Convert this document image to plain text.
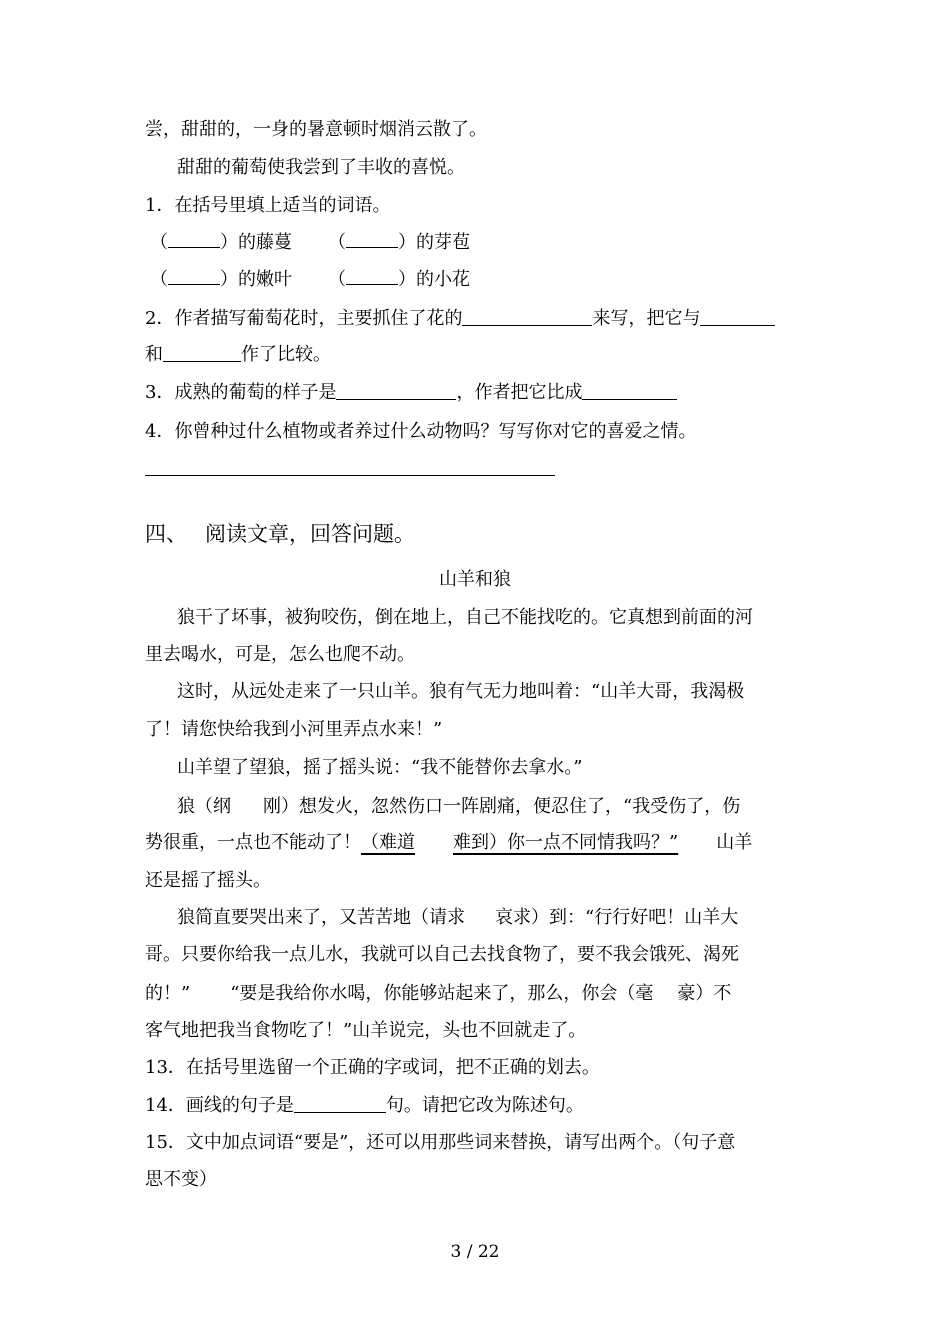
尝，甜甜的，一身的暑意顿时烟消云散了。
甜甜的葡萄使我尝到了丰收的喜悦。
1．在括号里填上适当的词语。
（	）的藤蔓 （	）的芽苞
（	）的嫩叶 （	）的小花
2．作者描写葡萄花时，主要抓住了花的	来写，把它与
和	作了比较。
3．成熟的葡萄的样子是	，作者把它比成
4．你曾种过什么植物或者养过什么动物吗？写写你对它的喜爱之情。
四、 阅读文章，回答问题。
山羊和狼
狼干了坏事，被狗咬伤，倒在地上，自己不能找吃的。它真想到前面的河
里去喝水，可是，怎么也爬不动。
这时，从远处走来了一只山羊。狼有气无力地叫着：“山羊大哥，我渴极
了！请您快给我到小河里弄点水来！”
山羊望了望狼，摇了摇头说：“我不能替你去拿水。”
狼（纲 刚）想发火，忽然伤口一阵剧痛，便忍住了，“我受伤了，伤
势很重，一点也不能动了！（难道 难到）你一点不同情我吗？” 山羊
还是摇了摇头。
狼简直要哭出来了，又苦苦地（请求 哀求）到：“行行好吧！山羊大
哥。只要你给我一点儿水，我就可以自己去找食物了，要不我会饿死、渴死
的！” “要是我给你水喝，你能够站起来了，那么，你会（毫 豪）不
客气地把我当食物吃了！”山羊说完，头也不回就走了。
13．在括号里选留一个正确的字或词，把不正确的划去。
14．画线的句子是	句。请把它改为陈述句。
15．文中加点词语“要是”，还可以用那些词来替换，请写出两个。（句子意
思不变）
3 / 22
